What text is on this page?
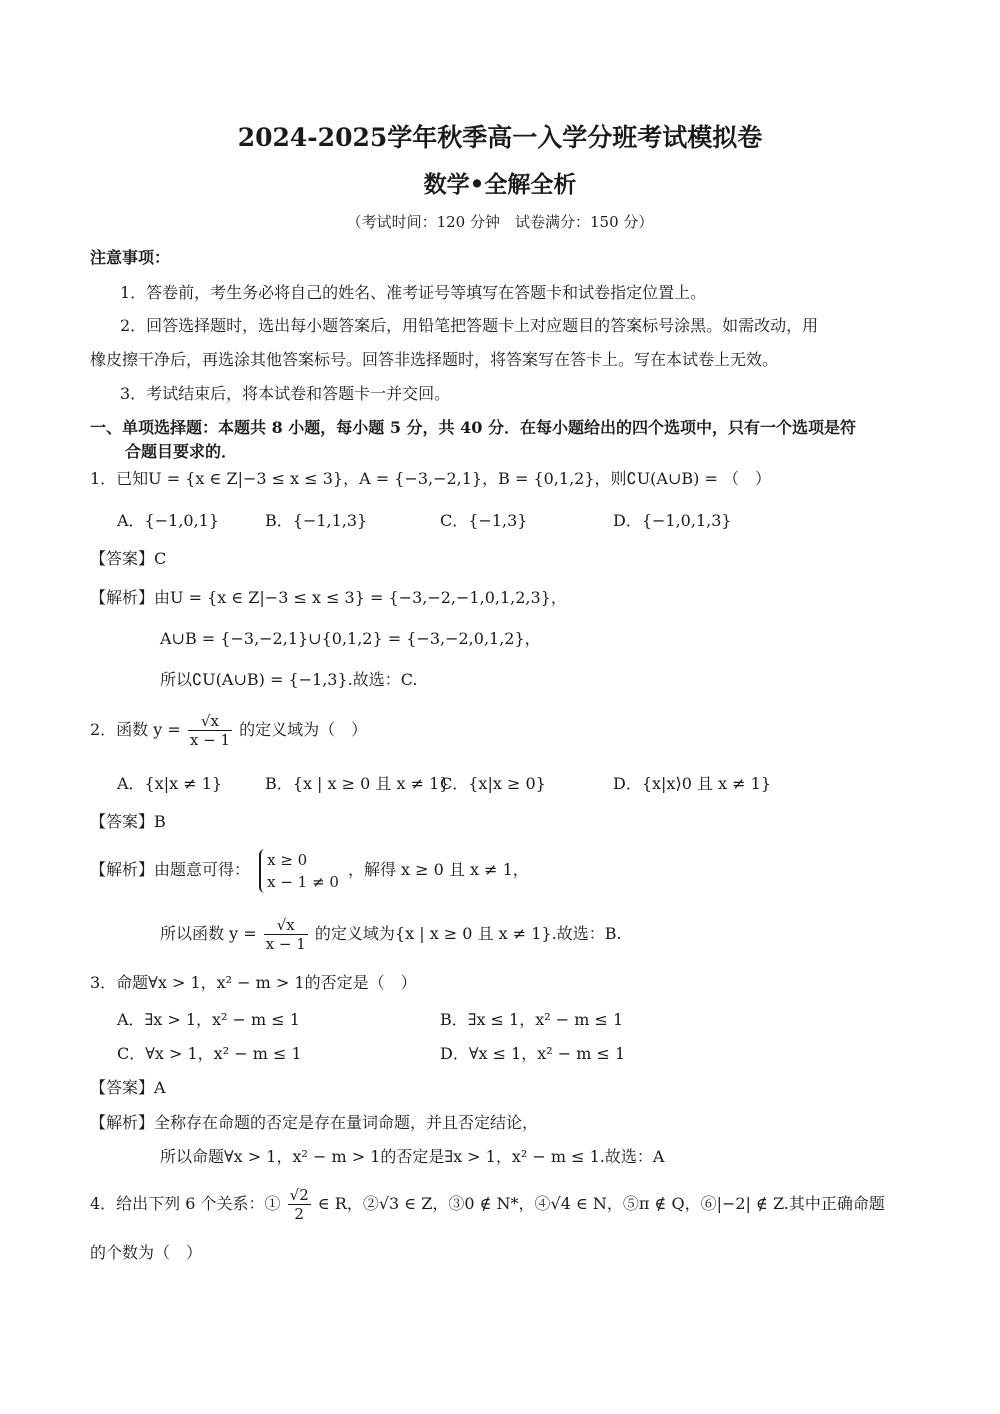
2024-2025学年秋季高一入学分班考试模拟卷
数学•全解全析
（考试时间：120 分钟　试卷满分：150 分）
注意事项：
1．答卷前，考生务必将自己的姓名、准考证号等填写在答题卡和试卷指定位置上。
2．回答选择题时，选出每小题答案后，用铅笔把答题卡上对应题目的答案标号涂黑。如需改动，用
橡皮擦干净后，再选涂其他答案标号。回答非选择题时，将答案写在答卡上。写在本试卷上无效。
3．考试结束后，将本试卷和答题卡一并交回。
一、单项选择题：本题共 8 小题，每小题 5 分，共 40 分．在每小题给出的四个选项中，只有一个选项是符
合题目要求的．
1．已知U = {x ∈ Z|−3 ≤ x ≤ 3}，A = {−3,−2,1}，B = {0,1,2}，则∁U(A∪B) = （　）
A．{−1,0,1}	B．{−1,1,3}	C．{−1,3}	D．{−1,0,1,3}
【答案】C
【解析】由U = {x ∈ Z|−3 ≤ x ≤ 3} = {−3,−2,−1,0,1,2,3}，
A∪B = {−3,−2,1}∪{0,1,2} = {−3,−2,0,1,2}，
所以∁U(A∪B) = {−1,3}.故选：C.
2．函数 $y = \frac{√x}{x - 1}$ 的定义域为（　）
A．{x|x ≠ 1}	B．{x | x ≥ 0 且 x ≠ 1}
C．{x|x ≥ 0}	D．{x|x⟩0 且 x ≠ 1}
【答案】B
【解析】由题意可得：
x ≥ 0
x − 1 ≠ 0
，解得 x ≥ 0 且 x ≠ 1，
所以函数 $y = \frac{√x}{x - 1}$ 的定义域为{x | x ≥ 0 且 x ≠ 1}.故选：B.
3．命题∀x > 1，x² − m > 1的否定是（　）
A．∃x > 1，x² − m ≤ 1	B．∃x ≤ 1，x² − m ≤ 1
C．∀x > 1，x² − m ≤ 1	D．∀x ≤ 1，x² − m ≤ 1
【答案】A
【解析】全称存在命题的否定是存在量词命题，并且否定结论，
所以命题∀x > 1，x² − m > 1的否定是∃x > 1，x² − m ≤ 1.故选：A
4．给出下列 6 个关系：① $\frac{√2}{2}$ ∈ R，②√3 ∈ Z，③0 ∉ N*，④√4 ∈ N，⑤π ∉ Q，⑥|−2| ∉ Z.其中正确命题
的个数为（　）
